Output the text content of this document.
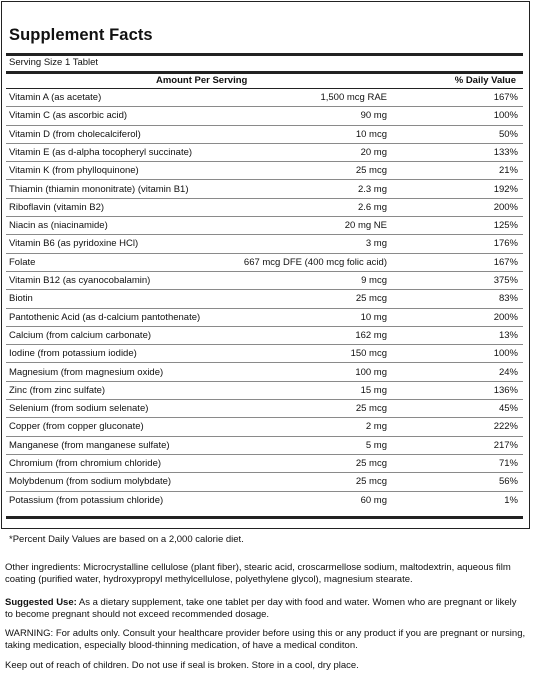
Supplement Facts
Serving Size 1 Tablet
Amount Per Serving	% Daily Value
Vitamin A (as acetate)	1,500 mcg RAE	167%
Vitamin C (as ascorbic acid)	90 mg	100%
Vitamin D (from cholecalciferol)	10 mcg	50%
Vitamin E (as d-alpha tocopheryl succinate)	20 mg	133%
Vitamin K (from phylloquinone)	25 mcg	21%
Thiamin (thiamin mononitrate) (vitamin B1)	2.3 mg	192%
Riboflavin (vitamin B2)	2.6 mg	200%
Niacin as (niacinamide)	20 mg NE	125%
Vitamin B6 (as pyridoxine HCl)	3 mg	176%
Folate	667 mcg DFE (400 mcg folic acid)	167%
Vitamin B12 (as cyanocobalamin)	9 mcg	375%
Biotin	25 mcg	83%
Pantothenic Acid (as d-calcium pantothenate)	10 mg	200%
Calcium (from calcium carbonate)	162 mg	13%
Iodine (from potassium iodide)	150 mcg	100%
Magnesium (from magnesium oxide)	100 mg	24%
Zinc (from zinc sulfate)	15 mg	136%
Selenium (from sodium selenate)	25 mcg	45%
Copper (from copper gluconate)	2 mg	222%
Manganese (from manganese sulfate)	5 mg	217%
Chromium (from chromium chloride)	25 mcg	71%
Molybdenum (from sodium molybdate)	25 mcg	56%
Potassium (from potassium chloride)	60 mg	1%
*Percent Daily Values are based on a 2,000 calorie diet.
Other ingredients: Microcrystalline cellulose (plant fiber), stearic acid, croscarmellose sodium, maltodextrin, aqueous film coating (purified water, hydroxypropyl methylcellulose, polyethylene glycol), magnesium stearate.
Suggested Use: As a dietary supplement, take one tablet per day with food and water. Women who are pregnant or likely to become pregnant should not exceed recommended dosage.
WARNING: For adults only. Consult your healthcare provider before using this or any product if you are pregnant or nursing, taking medication, especially blood-thinning medication, of have a medical conditon.
Keep out of reach of children. Do not use if seal is broken. Store in a cool, dry place.
